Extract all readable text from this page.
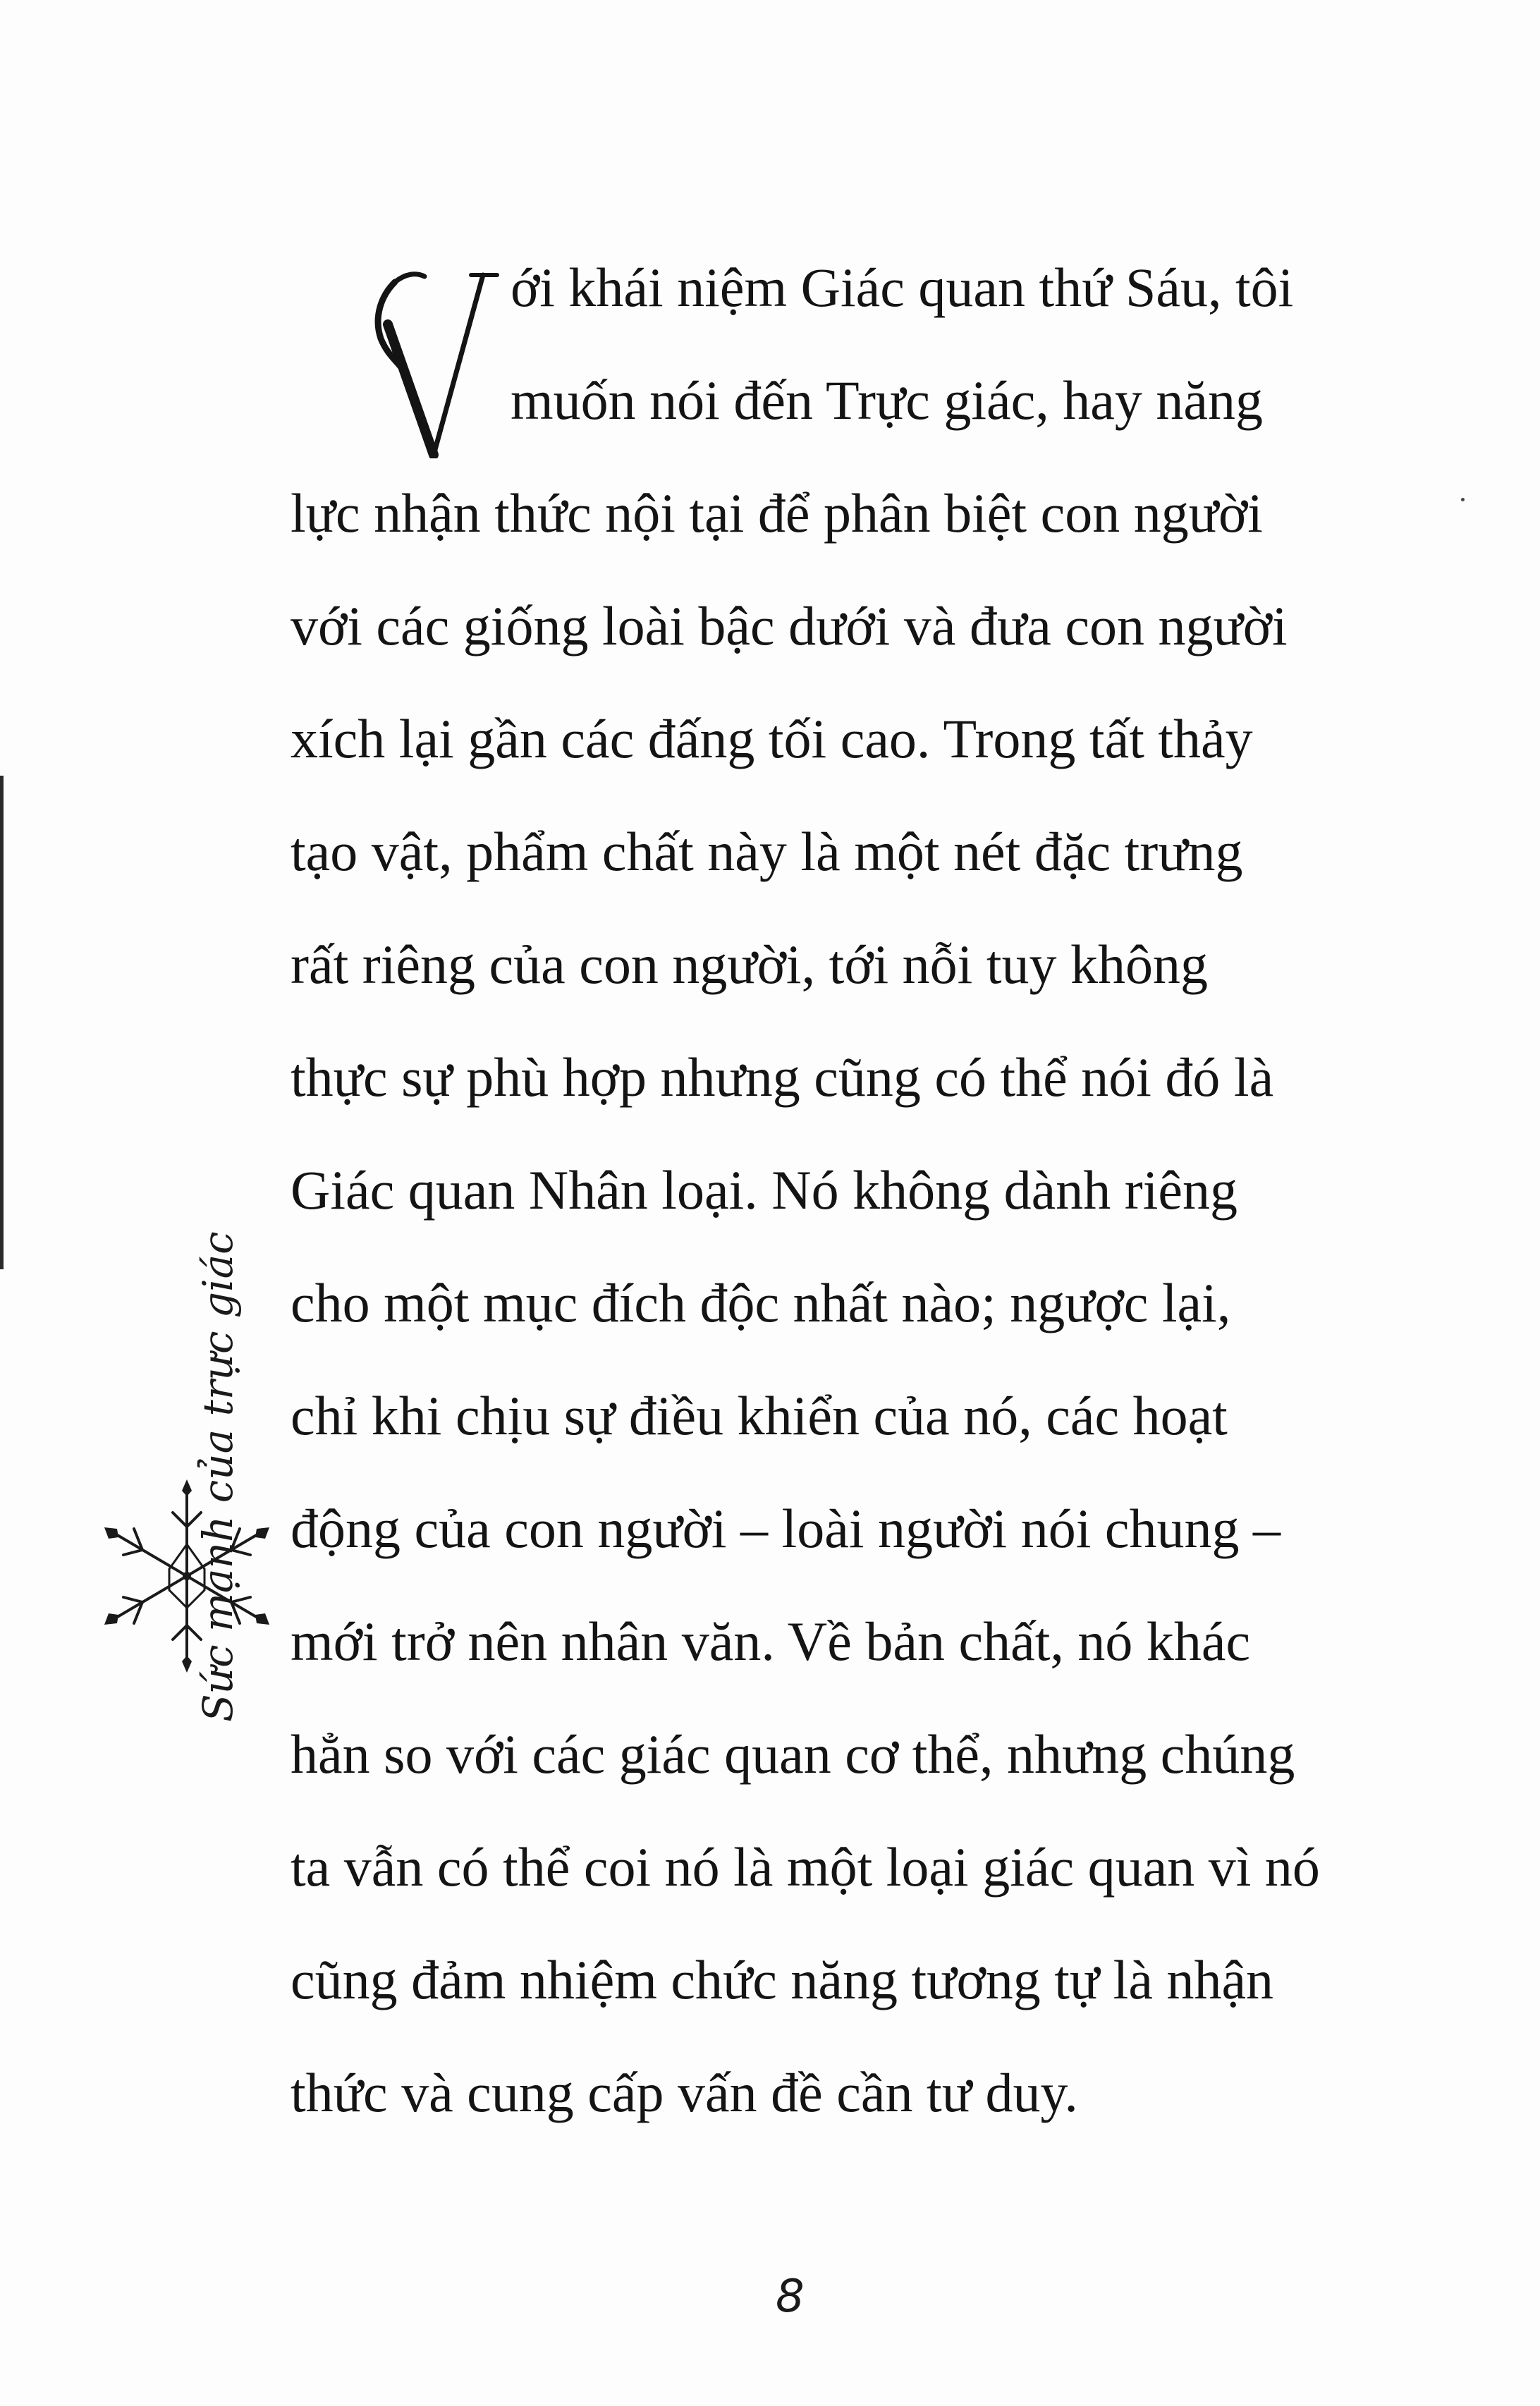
ới khái niệm Giác quan thứ Sáu, tôi
muốn nói đến Trực giác, hay năng
lực nhận thức nội tại để phân biệt con người
với các giống loài bậc dưới và đưa con người
xích lại gần các đấng tối cao. Trong tất thảy
tạo vật, phẩm chất này là một nét đặc trưng
rất riêng của con người, tới nỗi tuy không
thực sự phù hợp nhưng cũng có thể nói đó là
Giác quan Nhân loại. Nó không dành riêng
cho một mục đích độc nhất nào; ngược lại,
chỉ khi chịu sự điều khiển của nó, các hoạt
động của con người – loài người nói chung –
mới trở nên nhân văn. Về bản chất, nó khác
hẳn so với các giác quan cơ thể, nhưng chúng
ta vẫn có thể coi nó là một loại giác quan vì nó
cũng đảm nhiệm chức năng tương tự là nhận
thức và cung cấp vấn đề cần tư duy.
Sức mạnh của trực giác
8
